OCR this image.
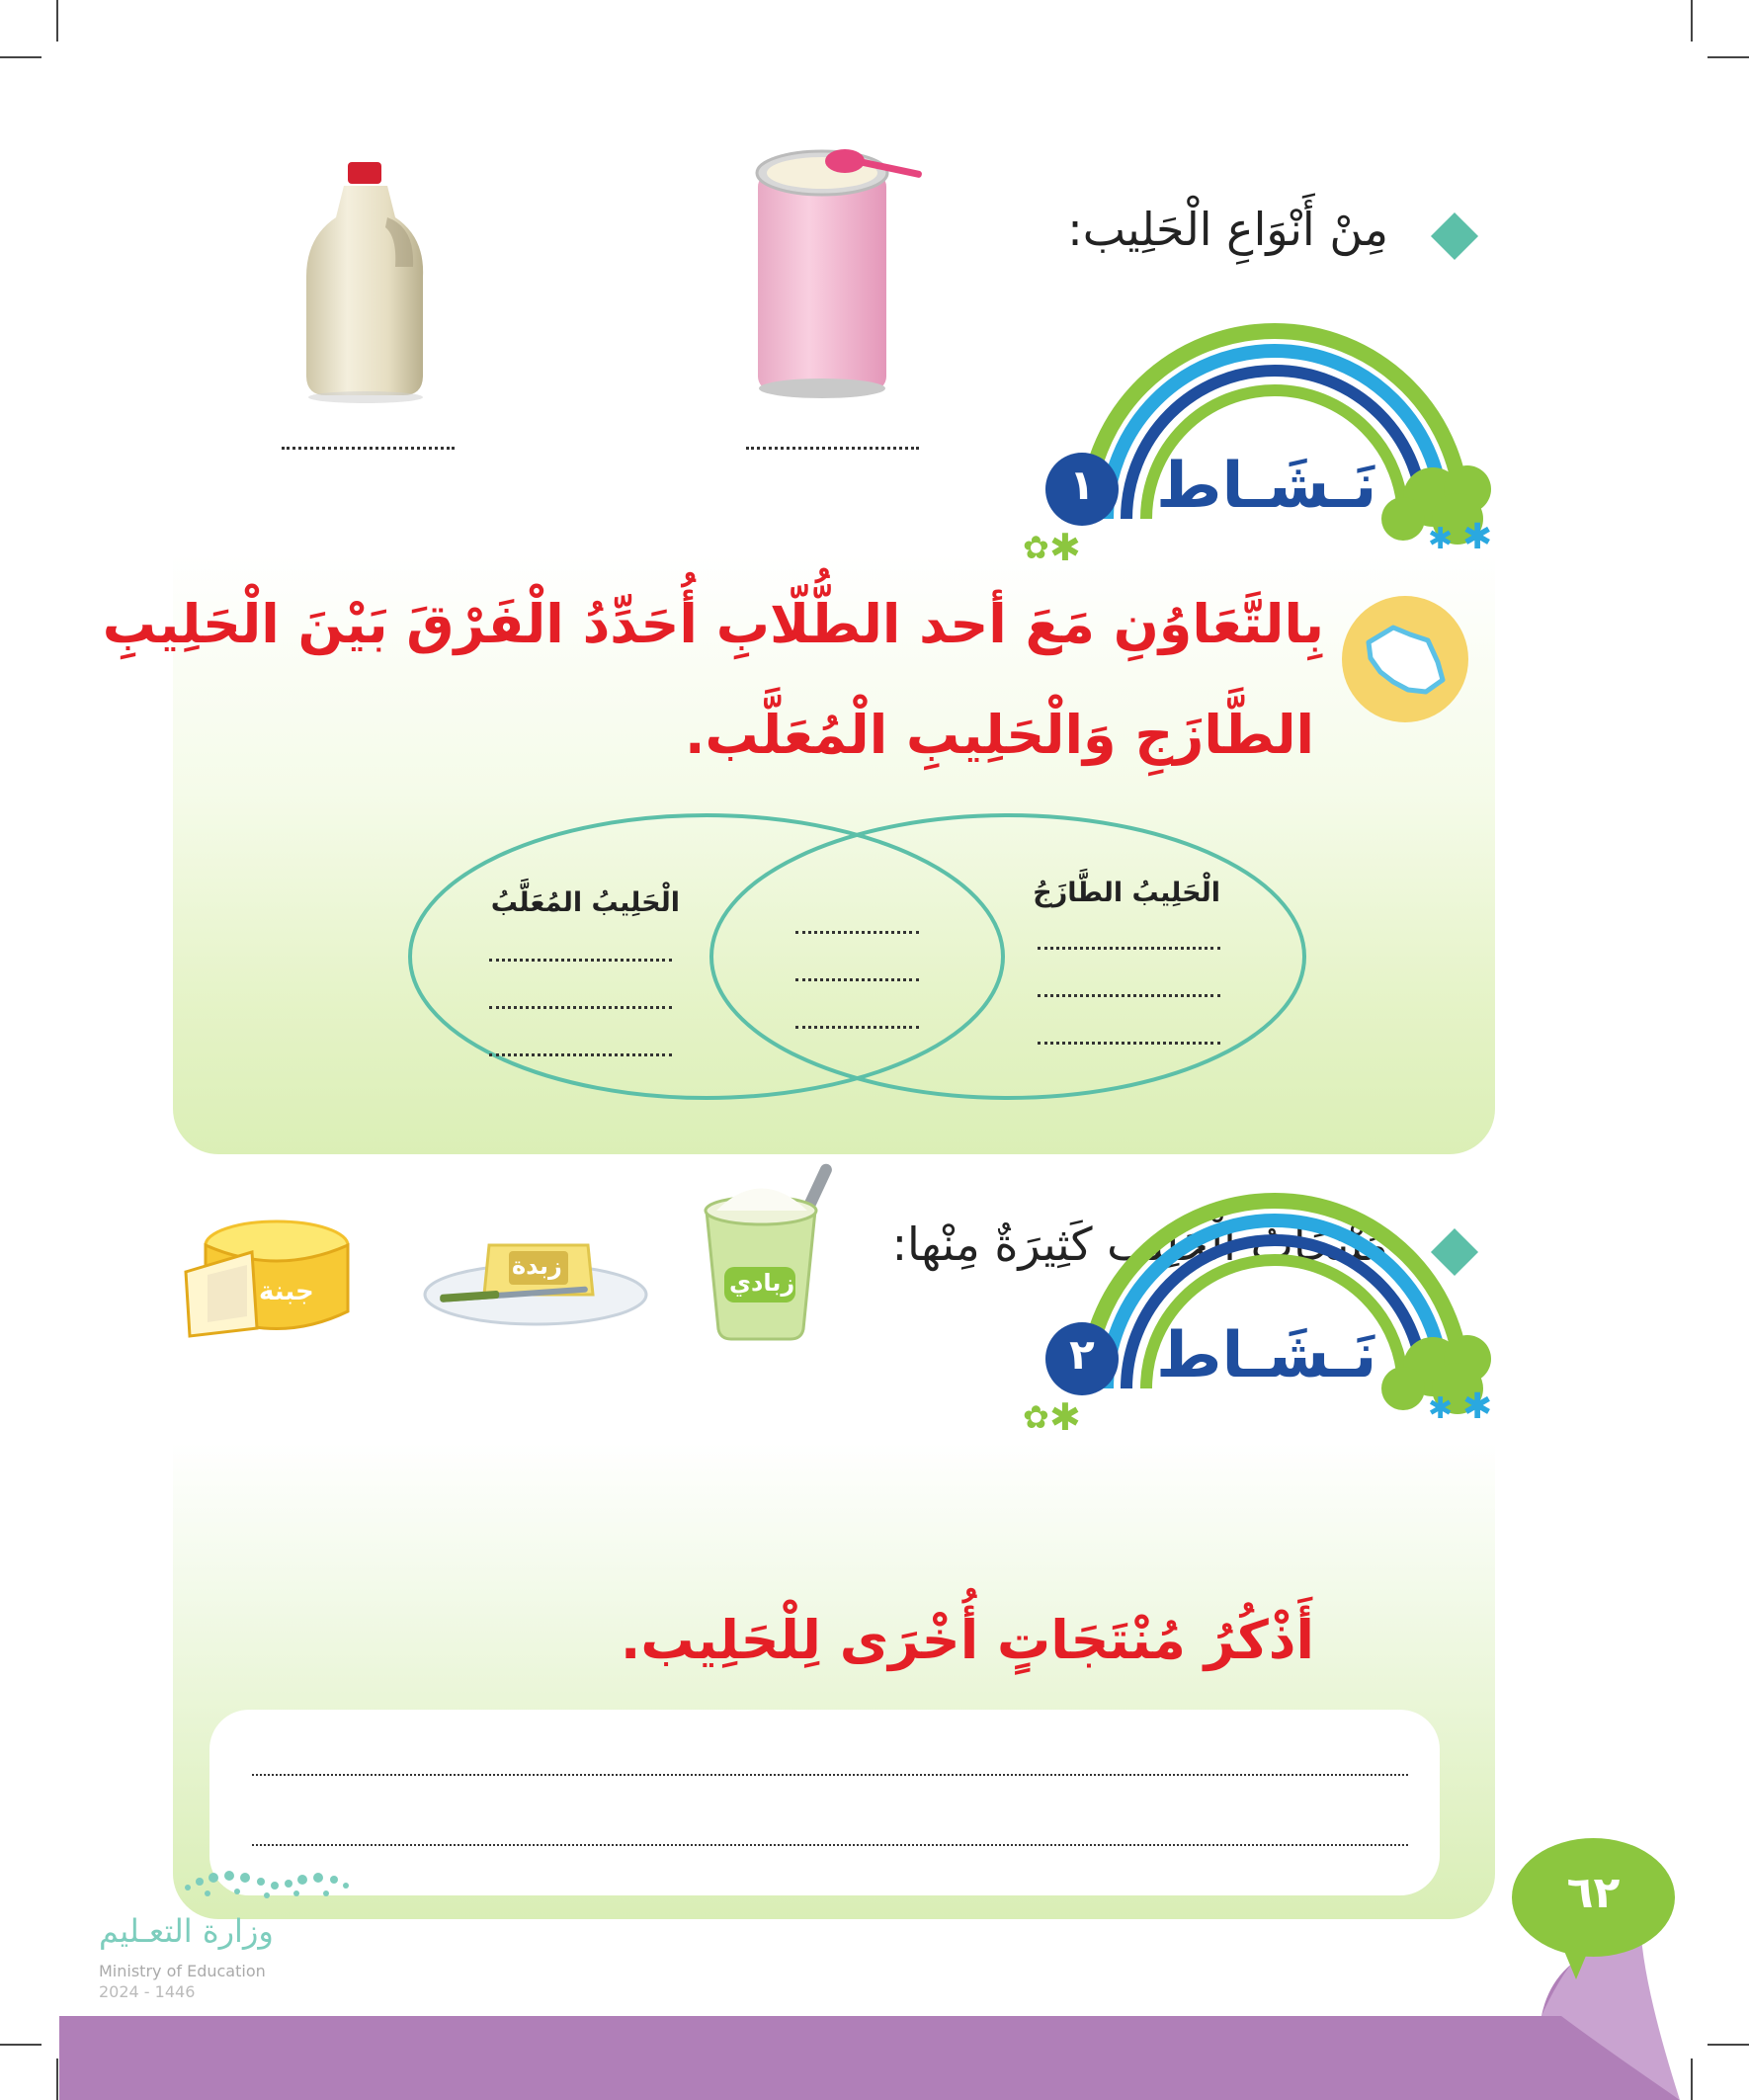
مِنْ أَنْوَاعِ الْحَلِيب:
✱ ✱
نَـشَـاط
١
✿ ✱
بِالتَّعَاوُنِ مَعَ أحد الطُّلّابِ أُحَدِّدُ الْفَرْقَ بَيْنَ الْحَلِيبِ
الطَّازَجِ وَالْحَلِيبِ الْمُعَلَّب.
الْحَلِيبُ الطَّازَجُ
الْحَلِيبُ المُعَلَّبُ
مُنْتَجَاتُ الْحَلِيبِ كَثِيرَةٌ مِنْها:
زبادي
زبدة
جبنة
✱ ✱
نَـشَـاط
٢
✿ ✱
أَذْكُرُ مُنْتَجَاتٍ أُخْرَى لِلْحَلِيب.
٦٢
وزارة التعـليم
Ministry of Education
2024 - 1446
